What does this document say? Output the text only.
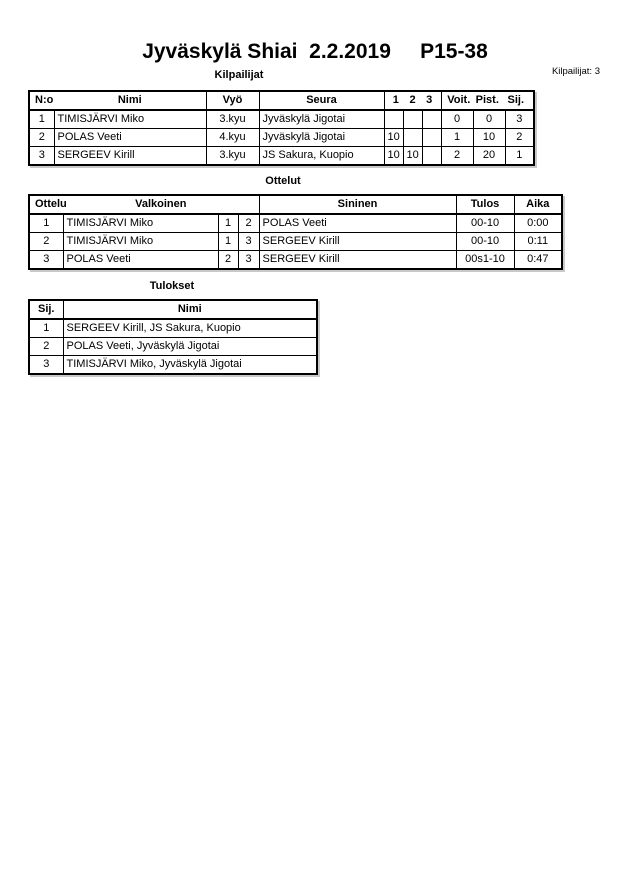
Jyväskylä Shiai  2.2.2019     P15-38
Kilpailijat	Kilpailijat: 3
N:o Nimi		Vyö	Seura	1 2 3			Voit. Pist. Sij.		

1	TIMISJÄRVI Miko	3.kyu	Jyväskylä Jigotai				0	0	3
2	POLAS Veeti	4.kyu	Jyväskylä Jigotai	10			1	10	2
3	SERGEEV Kirill	3.kyu	JS Sakura, Kuopio	10	10		2	20	1
Ottelut
Ottelu Valkoinen				Sininen	Tulos	Aika
1	TIMISJÄRVI Miko	1	2	POLAS Veeti	00-10	0:00
2	TIMISJÄRVI Miko	1	3	SERGEEV Kirill	00-10	0:11
3	POLAS Veeti	2	3	SERGEEV Kirill	00s1-10	0:47
Tulokset
Sij.	Nimi
1	SERGEEV Kirill, JS Sakura, Kuopio
2	POLAS Veeti, Jyväskylä Jigotai
3	TIMISJÄRVI Miko, Jyväskylä Jigotai
